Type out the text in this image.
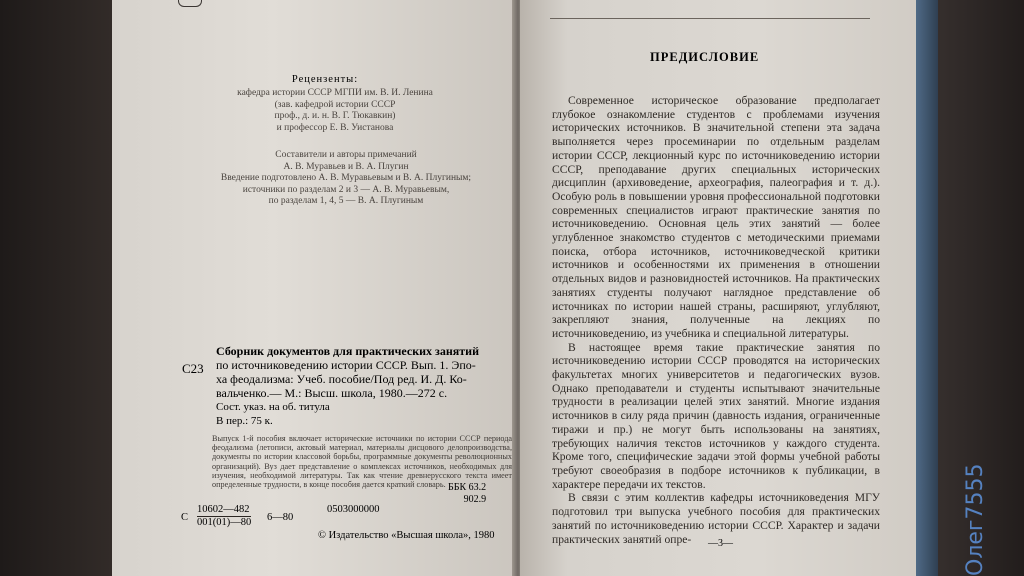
Рецензенты:
кафедра истории СССР МГПИ им. В. И. Ленина
(зав. кафедрой истории СССР
проф., д. и. н. В. Г. Тюкавкин)
и профессор Е. В. Уистанова
Составители и авторы примечаний
А. В. Муравьев и В. А. Плугин
Введение подготовлено А. В. Муравьевым и В. А. Плугиным;
источники по разделам 2 и 3 — А. В. Муравьевым,
по разделам 1, 4, 5 — В. А. Плугиным
С23
Сборник документов для практических занятий
по источниковедению истории СССР. Вып. 1. Эпо-
ха феодализма: Учеб. пособие/Под ред. И. Д. Ко-
вальченко.— М.: Высш. школа, 1980.—272 с.
Сост. указ. на об. титула
В пер.: 75 к.
Выпуск 1-й пособия включает исторические источники по истории СССР периода феодализма (летописи, актовый материал, материалы дисцового делопроизводства, документы по истории классовой борьбы, программные документы революционных организаций). Вуз дает представление о комплексах источников, необходимых для изучения, необходимой литературы. Так как чтение древнерусского текста имеет определенные трудности, в конце пособия дается краткий словарь. ББК 63.2
902.9
С
10602—482
001(01)—80 6—80
0503000000
© Издательство «Высшая школа», 1980
ПРЕДИСЛОВИЕ

Современное историческое образование предполагает глубокое ознакомление студентов с проблемами изучения исторических источников. В значительной степени эта задача выполняется через просеминарии по отдельным разделам истории СССР, лекционный курс по источниковедению истории СССР, преподавание других специальных исторических дисциплин (архивоведение, археография, палеография и т. д.). Особую роль в повышении уровня профессиональной подготовки современных специалистов играют практические занятия по источниковедению. Основная цель этих занятий — более углубленное знакомство студентов с методическими приемами поиска, отбора источников, источниковедческой критики источников и особенностями их применения в отношении отдельных видов и разновидностей источников. На практических занятиях студенты получают наглядное представление об источниках по истории нашей страны, расширяют, углубляют, закрепляют знания, полученные на лекциях по источниковедению, из учебника и специальной литературы.

В настоящее время такие практические занятия по источниковедению истории СССР проводятся на исторических факультетах многих университетов и педагогических вузов. Однако преподаватели и студенты испытывают значительные трудности в реализации целей этих занятий. Многие издания источников в силу ряда причин (давность издания, ограниченные тиражи и пр.) не могут быть использованы на занятиях, требующих наличия текстов источников у каждого студента. Кроме того, специфические задачи этой формы учебной работы требуют своеобразия в подборе источников к публикации, в характере передачи их текстов.

В связи с этим коллектив кафедры источниковедения МГУ подготовил три выпуска учебного пособия для практических занятий по источниковедению истории СССР. Характер и задачи практических занятий опре-	—3—	Олег7555
